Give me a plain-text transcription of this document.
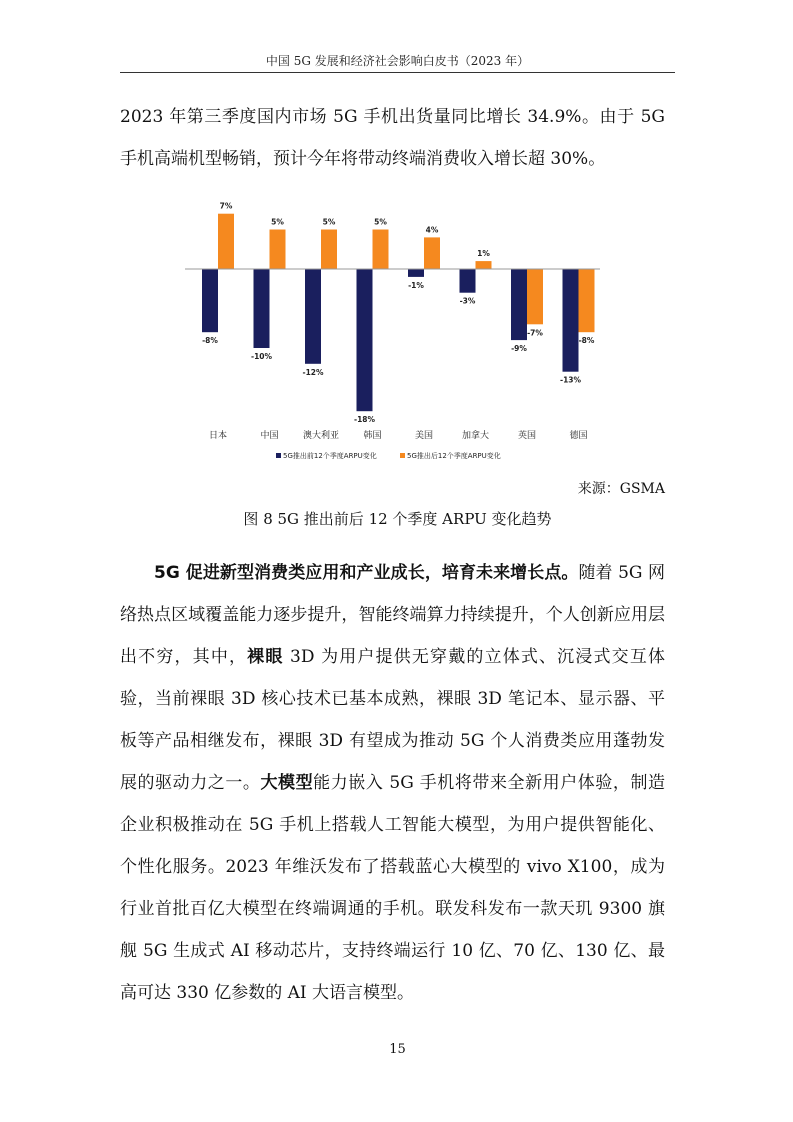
中国 5G 发展和经济社会影响白皮书（2023 年）
2023 年第三季度国内市场 5G 手机出货量同比增长 34.9%。由于 5G 手机高端机型畅销，预计今年将带动终端消费收入增长超 30%。
-8%
7%
日本
-10%
5%
中国
-12%
5%
澳大利亚
-18%
5%
韩国
-1%
4%
美国
-3%
1%
加拿大
-9%
-7%
英国
-13%
-8%
德国
5G推出前12个季度ARPU变化	5G推出后12个季度ARPU变化
来源：GSMA
图 8 5G 推出前后 12 个季度 ARPU 变化趋势
5G 促进新型消费类应用和产业成长，培育未来增长点。随着 5G 网络热点区域覆盖能力逐步提升，智能终端算力持续提升，个人创新应用层出不穷，其中，裸眼 3D 为用户提供无穿戴的立体式、沉浸式交互体验，当前裸眼 3D 核心技术已基本成熟，裸眼 3D 笔记本、显示器、平板等产品相继发布，裸眼 3D 有望成为推动 5G 个人消费类应用蓬勃发展的驱动力之一。大模型能力嵌入 5G 手机将带来全新用户体验，制造企业积极推动在 5G 手机上搭载人工智能大模型，为用户提供智能化、个性化服务。2023 年维沃发布了搭载蓝心大模型的 vivo X100，成为行业首批百亿大模型在终端调通的手机。联发科发布一款天玑 9300 旗舰 5G 生成式 AI 移动芯片，支持终端运行 10 亿、70 亿、130 亿、最高可达 330 亿参数的 AI 大语言模型。
15
